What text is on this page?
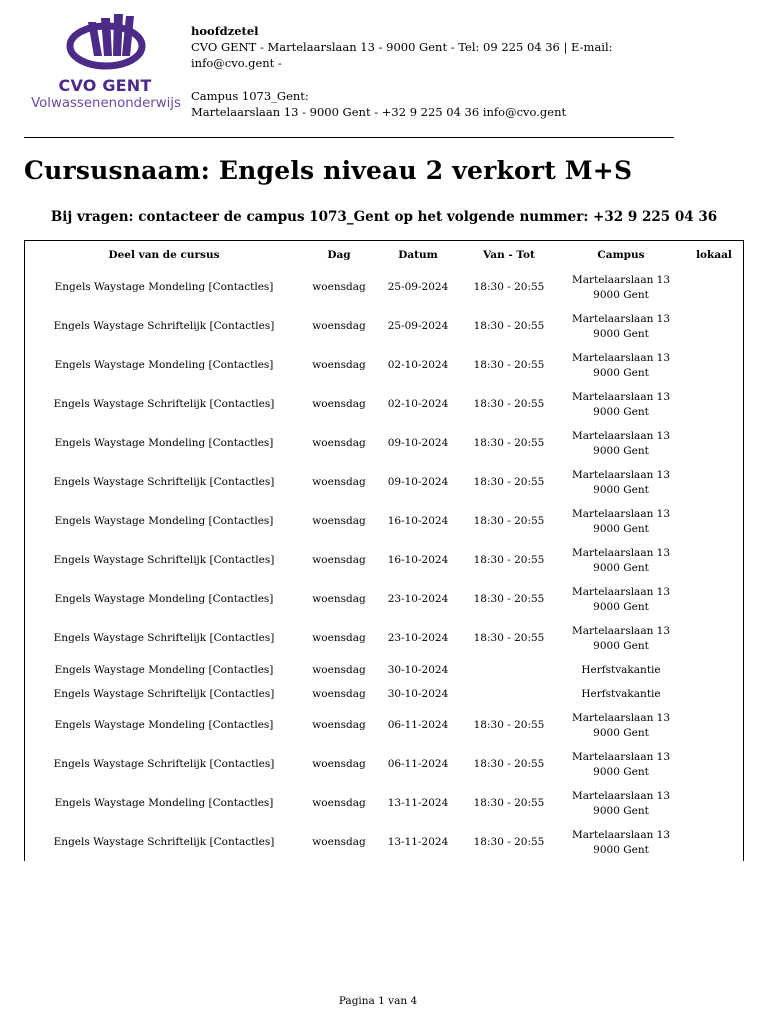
CVO GENT
Volwassenenonderwijs
hoofdzetel
CVO GENT - Martelaarslaan 13 - 9000 Gent - Tel: 09 225 04 36 | E-mail:
info@cvo.gent -
Campus 1073_Gent:
Martelaarslaan 13 - 9000 Gent - +32 9 225 04 36 info@cvo.gent
Cursusnaam: Engels niveau 2 verkort M+S
Bij vragen: contacteer de campus 1073_Gent op het volgende nummer: +32 9 225 04 36
Deel van de cursus	Dag	Datum	Van - Tot	Campus	lokaal
Engels Waystage Mondeling [Contactles]	woensdag	25-09-2024	18:30 - 20:55	Martelaarslaan 13
9000 Gent	

Engels Waystage Schriftelijk [Contactles]	woensdag	25-09-2024	18:30 - 20:55	Martelaarslaan 13
9000 Gent	

Engels Waystage Mondeling [Contactles]	woensdag	02-10-2024	18:30 - 20:55	Martelaarslaan 13
9000 Gent	

Engels Waystage Schriftelijk [Contactles]	woensdag	02-10-2024	18:30 - 20:55	Martelaarslaan 13
9000 Gent	

Engels Waystage Mondeling [Contactles]	woensdag	09-10-2024	18:30 - 20:55	Martelaarslaan 13
9000 Gent	

Engels Waystage Schriftelijk [Contactles]	woensdag	09-10-2024	18:30 - 20:55	Martelaarslaan 13
9000 Gent	

Engels Waystage Mondeling [Contactles]	woensdag	16-10-2024	18:30 - 20:55	Martelaarslaan 13
9000 Gent	

Engels Waystage Schriftelijk [Contactles]	woensdag	16-10-2024	18:30 - 20:55	Martelaarslaan 13
9000 Gent	

Engels Waystage Mondeling [Contactles]	woensdag	23-10-2024	18:30 - 20:55	Martelaarslaan 13
9000 Gent	

Engels Waystage Schriftelijk [Contactles]	woensdag	23-10-2024	18:30 - 20:55	Martelaarslaan 13
9000 Gent	

Engels Waystage Mondeling [Contactles]	woensdag	30-10-2024		Herfstvakantie	

Engels Waystage Schriftelijk [Contactles]	woensdag	30-10-2024		Herfstvakantie	

Engels Waystage Mondeling [Contactles]	woensdag	06-11-2024	18:30 - 20:55	Martelaarslaan 13
9000 Gent	

Engels Waystage Schriftelijk [Contactles]	woensdag	06-11-2024	18:30 - 20:55	Martelaarslaan 13
9000 Gent	

Engels Waystage Mondeling [Contactles]	woensdag	13-11-2024	18:30 - 20:55	Martelaarslaan 13
9000 Gent	

Engels Waystage Schriftelijk [Contactles]	woensdag	13-11-2024	18:30 - 20:55	Martelaarslaan 13
9000 Gent	

Pagina 1 van 4
